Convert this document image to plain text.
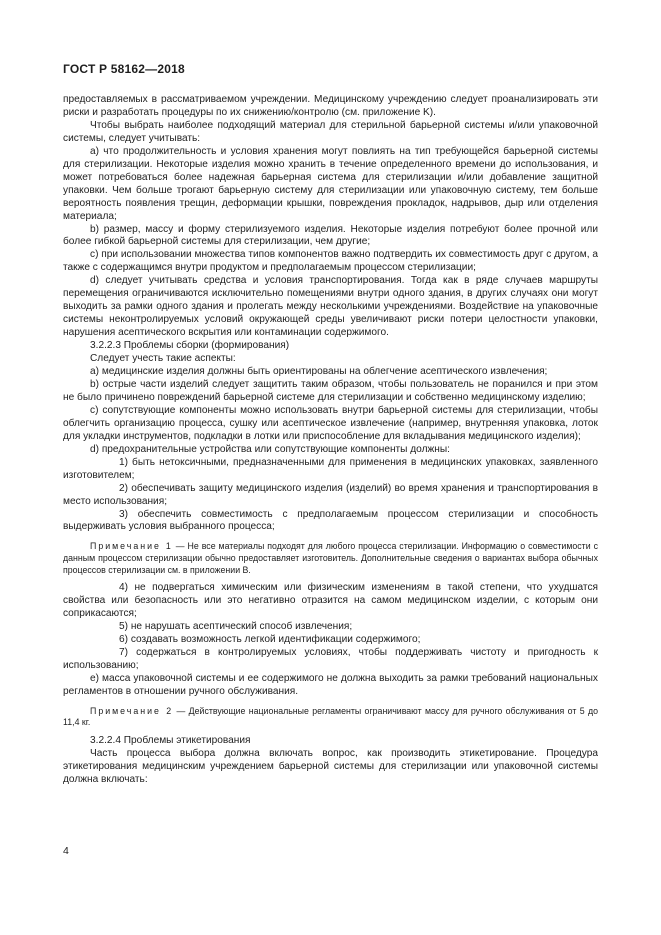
ГОСТ Р 58162—2018

предоставляемых в рассматриваемом учреждении. Медицинскому учреждению следует проанализировать эти риски и разработать процедуры по их снижению/контролю (см. приложение K).

Чтобы выбрать наиболее подходящий материал для стерильной барьерной системы и/или упаковочной системы, следует учитывать:

a) что продолжительность и условия хранения могут повлиять на тип требующейся барьерной системы для стерилизации. Некоторые изделия можно хранить в течение определенного времени до использования, и может потребоваться более надежная барьерная система для стерилизации и/или добавление защитной упаковки. Чем больше трогают барьерную систему для стерилизации или упаковочную систему, тем больше вероятность появления трещин, деформации крышки, повреждения прокладок, надрывов, дыр или отделения материала;

b) размер, массу и форму стерилизуемого изделия. Некоторые изделия потребуют более прочной или более гибкой барьерной системы для стерилизации, чем другие;

c) при использовании множества типов компонентов важно подтвердить их совместимость друг с другом, а также с содержащимся внутри продуктом и предполагаемым процессом стерилизации;

d) следует учитывать средства и условия транспортирования. Тогда как в ряде случаев маршруты перемещения ограничиваются исключительно помещениями внутри одного здания, в других случаях они могут выходить за рамки одного здания и пролегать между несколькими учреждениями. Воздействие на упаковочные системы неконтролируемых условий окружающей среды увеличивают риски потери целостности упаковки, нарушения асептического вскрытия или контаминации содержимого.

3.2.2.3 Проблемы сборки (формирования)

Следует учесть такие аспекты:

a) медицинские изделия должны быть ориентированы на облегчение асептического извлечения;

b) острые части изделий следует защитить таким образом, чтобы пользователь не поранился и при этом не было причинено повреждений барьерной системе для стерилизации и собственно медицинскому изделию;

c) сопутствующие компоненты можно использовать внутри барьерной системы для стерилизации, чтобы облегчить организацию процесса, сушку или асептическое извлечение (например, внутренняя упаковка, лоток для укладки инструментов, подкладки в лотки или приспособление для вкладывания медицинского изделия);

d) предохранительные устройства или сопутствующие компоненты должны:

1) быть нетоксичными, предназначенными для применения в медицинских упаковках, заявленного изготовителем;

2) обеспечивать защиту медицинского изделия (изделий) во время хранения и транспортирования в место использования;

3) обеспечить совместимость с предполагаемым процессом стерилизации и способность выдерживать условия выбранного процесса;

Примечание 1 — Не все материалы подходят для любого процесса стерилизации. Информацию о совместимости с данным процессом стерилизации обычно предоставляет изготовитель. Дополнительные сведения о вариантах выбора обычных процессов стерилизации см. в приложении B.

4) не подвергаться химическим или физическим изменениям в такой степени, что ухудшатся свойства или безопасность или это негативно отразится на самом медицинском изделии, с которым они соприкасаются;

5) не нарушать асептический способ извлечения;

6) создавать возможность легкой идентификации содержимого;

7) содержаться в контролируемых условиях, чтобы поддерживать чистоту и пригодность к использованию;

e) масса упаковочной системы и ее содержимого не должна выходить за рамки требований национальных регламентов в отношении ручного обслуживания.

Примечание 2 — Действующие национальные регламенты ограничивают массу для ручного обслуживания от 5 до 11,4 кг.

3.2.2.4 Проблемы этикетирования

Часть процесса выбора должна включать вопрос, как производить этикетирование. Процедура этикетирования медицинским учреждением барьерной системы для стерилизации или упаковочной системы должна включать:

4
